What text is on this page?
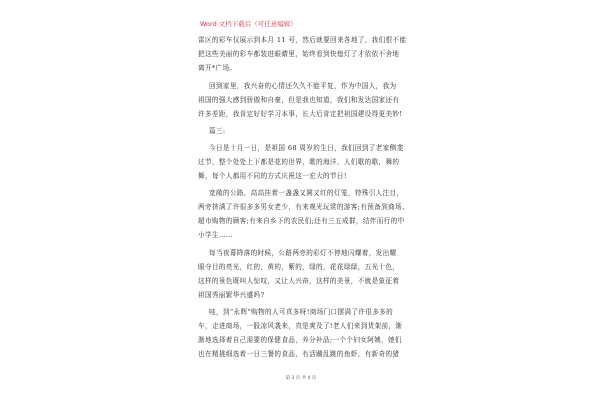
Word 文档下载后（可任意编辑）
雷区的彩车仅展示到本月 11 号，然后就要回来各地了，我们恨不能
把这些美丽的彩车都装进眼睛里，始终看到快熄灯了才依依不舍地
离开*广场。
回到家里，我兴奋的心情还久久不能平复，作为中国人，我为
祖国的强大感到骄傲和自豪，但是我也知道，我们和发达国家还有
许多差距，我肯定好好学习本事，长大后肯定把祖国建设得更美妙!
篇三:
今日是十月一日，是祖国 68 周岁的生日，我们回到了老家侧斐
过节，整个处处上下都是花的世界，歌的海洋，人们歌的歌，舞的
舞，每个人都用不同的方式庆祝这一宏大的节日!
宽敞的公路，高高挂着一盏盏又圆又红的灯笼，特殊引人注目，
两旁挤满了许很多多男女老少，有来观光玩赏的游客;有预备到商场、
超市购物的顾客;有来自乡下的农民们;还有三五成群，结伴而行的中
小学生……
每当夜幕降落的时候，公路两旁的彩灯不停地闪耀着，发出耀
眼夺目的亮光，红的，黄的，紫的，绿的，花花绿绿，五光十色，
这样的景色既叫人惊叹，又让人兴奋，这样的美景，不就是象征着
祖国秀丽繁华兴盛吗?
哇，到“永辉”购物的人可真多呀!商场门口摆满了许很多多的
车，走进商场，一股凉风袭来，真是爽及了!老人们来到货架前，渐
渐地选择着自己需要的保健食品，养分补品;一个个妇女阿姨，她们
也在精挑细选着一日三餐的食品，有活蹦乱跳的鱼虾，有新奇的猪
第 3 页 共 4 页
